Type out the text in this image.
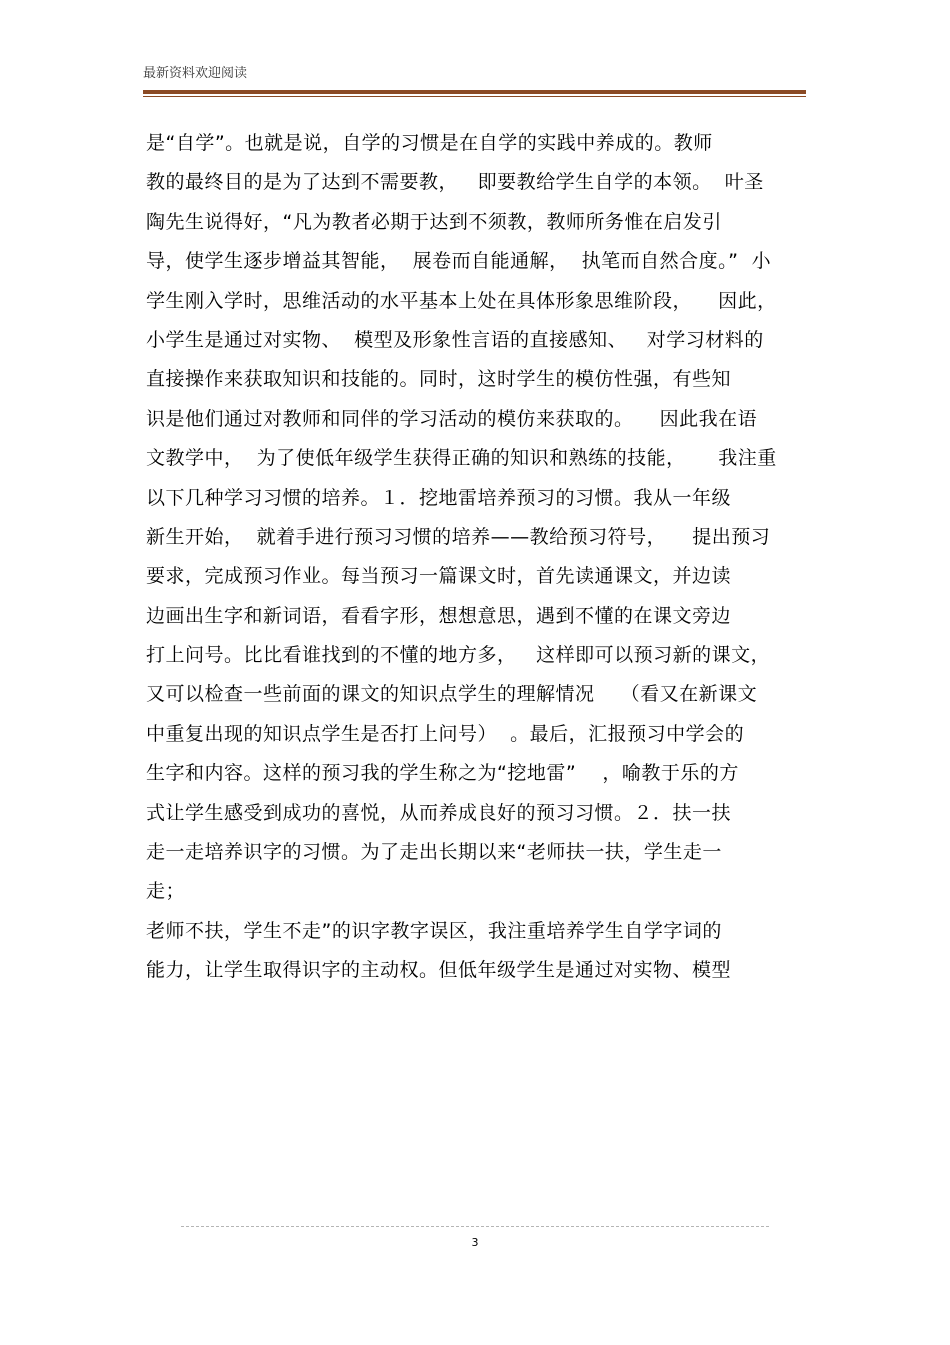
最新资料欢迎阅读
是“自学”。也就是说，自学的习惯是在自学的实践中养成的。教师
教的最终目的是为了达到不需要教，   即要教给学生自学的本领。  叶圣
陶先生说得好，“凡为教者必期于达到不须教，教师所务惟在启发引
导，使学生逐步增益其智能，  展卷而自能通解，  执笔而自然合度。”  小
学生刚入学时，思维活动的水平基本上处在具体形象思维阶段，    因此，
小学生是通过对实物、  模型及形象性言语的直接感知、   对学习材料的
直接操作来获取知识和技能的。同时，这时学生的模仿性强，有些知
识是他们通过对教师和同伴的学习活动的模仿来获取的。    因此我在语
文教学中，  为了使低年级学生获得正确的知识和熟练的技能，     我注重
以下几种学习习惯的培养。１．挖地雷培养预习的习惯。我从一年级
新生开始，  就着手进行预习习惯的培养——教给预习符号，    提出预习
要求，完成预习作业。每当预习一篇课文时，首先读通课文，并边读
边画出生字和新词语，看看字形，想想意思，遇到不懂的在课文旁边
打上问号。比比看谁找到的不懂的地方多，   这样即可以预习新的课文，
又可以检查一些前面的课文的知识点学生的理解情况    （看又在新课文
中重复出现的知识点学生是否打上问号）  。最后，汇报预习中学会的
生字和内容。这样的预习我的学生称之为“挖地雷”    ，喻教于乐的方
式让学生感受到成功的喜悦，从而养成良好的预习习惯。２．扶一扶
走一走培养识字的习惯。为了走出长期以来“老师扶一扶，学生走一
走；
老师不扶，学生不走”的识字教字误区，我注重培养学生自学字词的
能力，让学生取得识字的主动权。但低年级学生是通过对实物、模型
3
